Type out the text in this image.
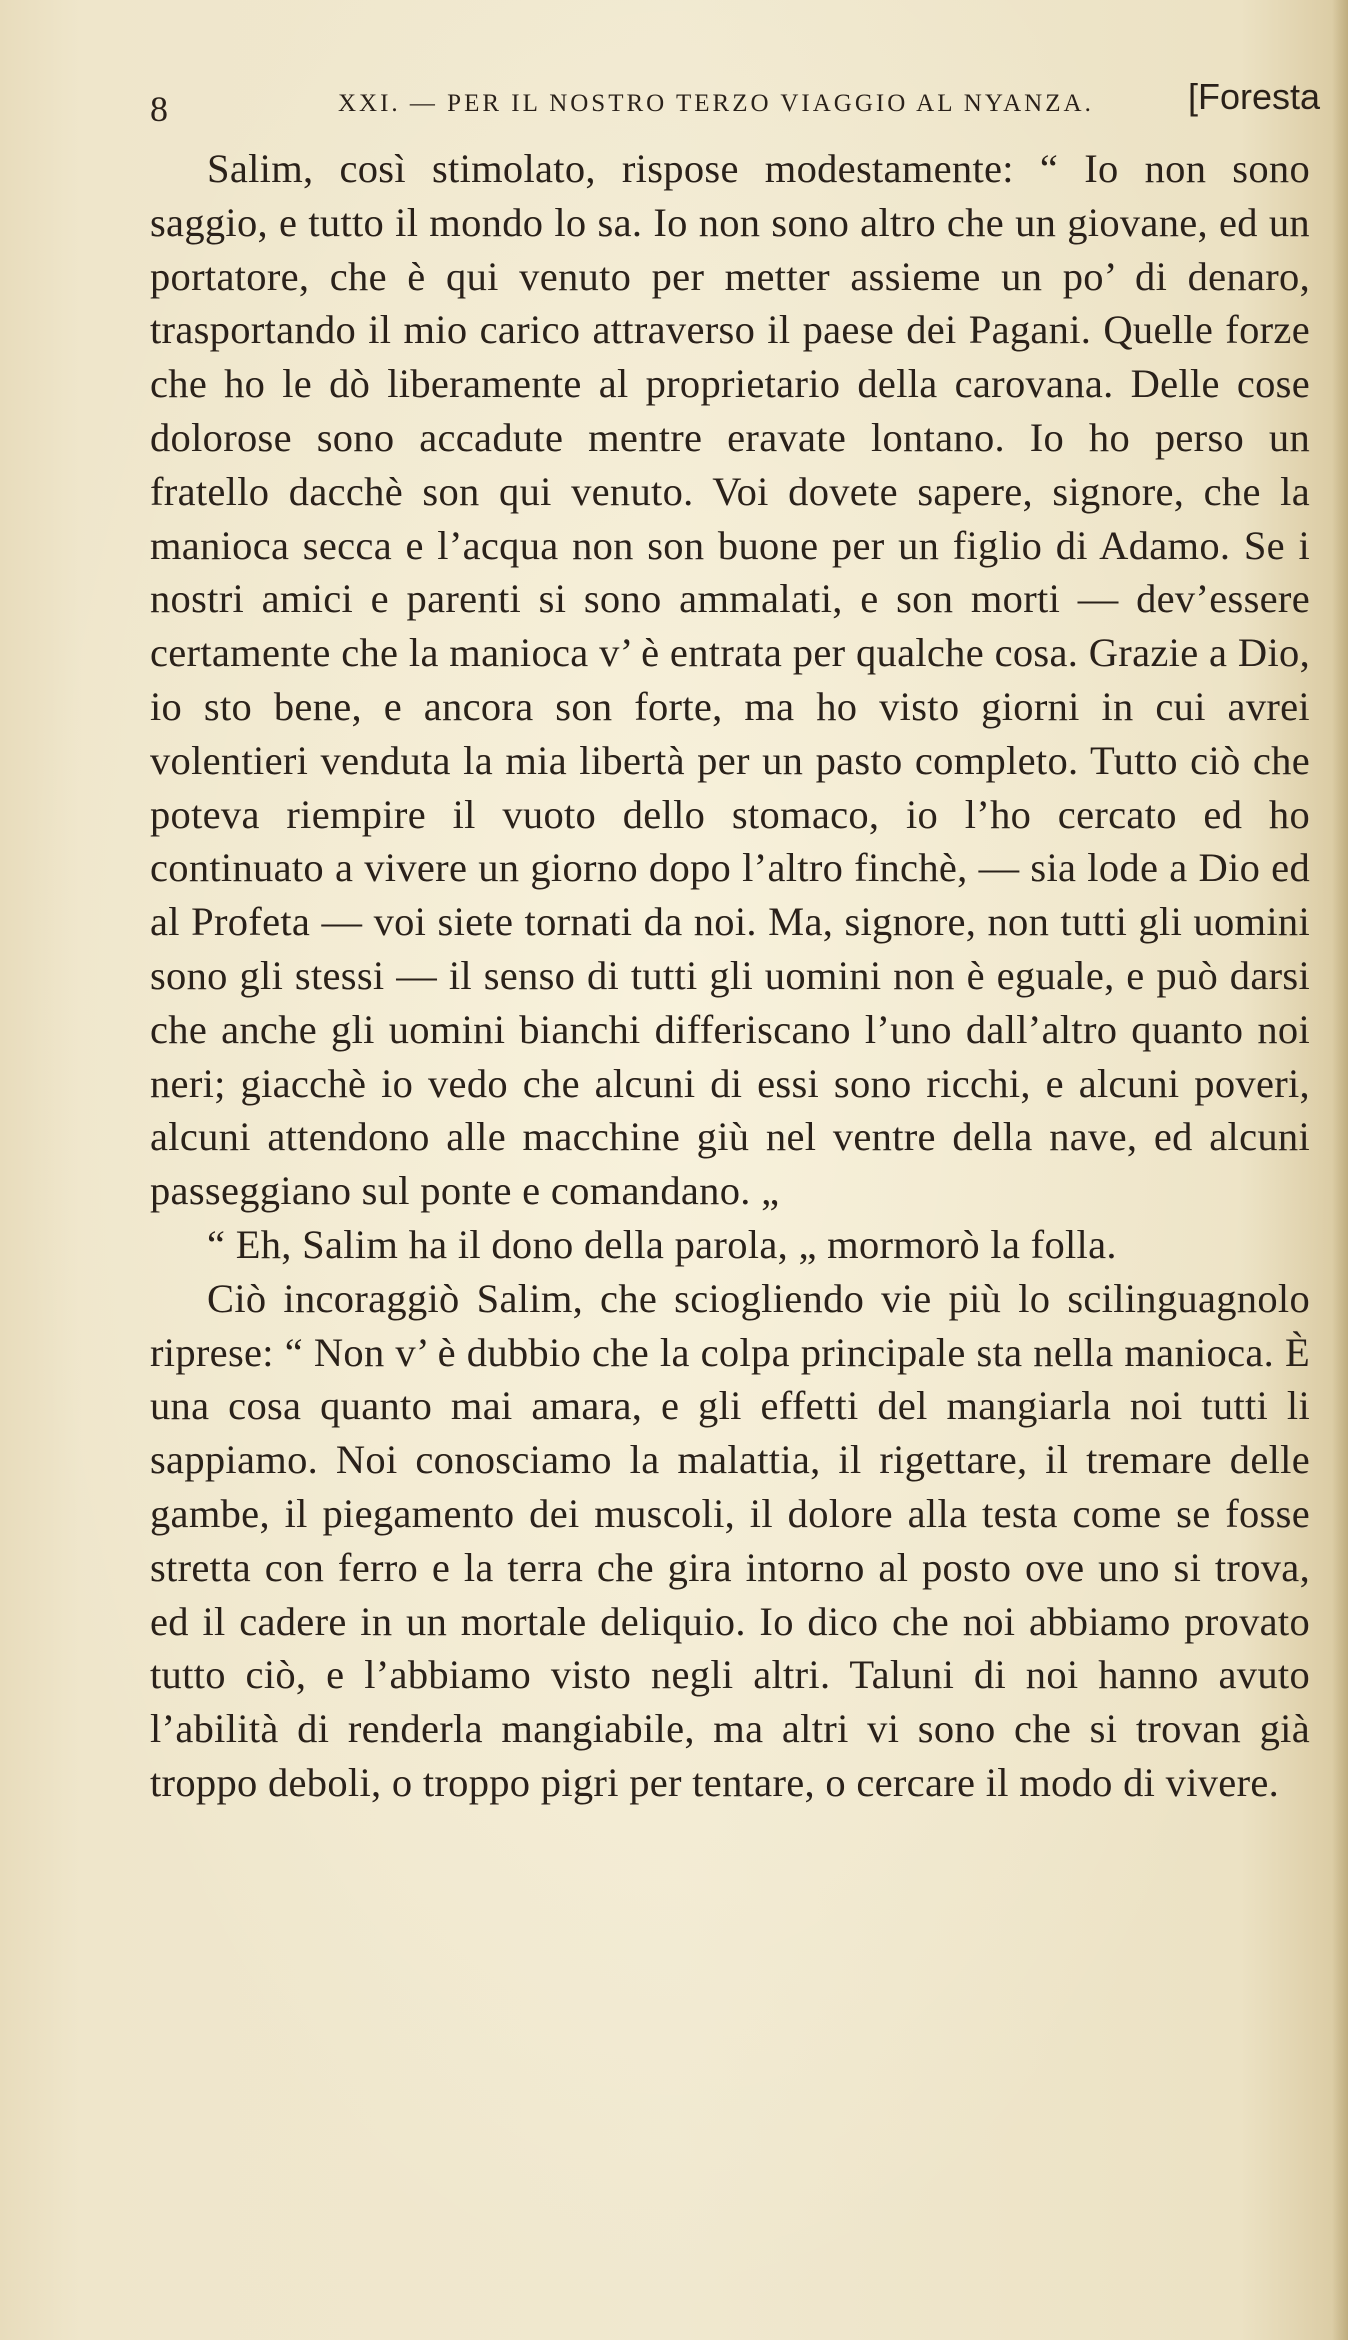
8	XXI. — PER IL NOSTRO TERZO VIAGGIO AL NYANZA.	[Foresta

Salim, così stimolato, rispose modestamente: “ Io non sono saggio, e tutto il mondo lo sa. Io non sono altro che un giovane, ed un portatore, che è qui venuto per metter assieme un po’ di denaro, trasportando il mio carico attraverso il paese dei Pagani. Quelle forze che ho le dò liberamente al proprietario della carovana. Delle cose dolorose sono accadute mentre eravate lontano. Io ho perso un fratello dacchè son qui venuto. Voi dovete sapere, signore, che la manioca secca e l’acqua non son buone per un figlio di Adamo. Se i nostri amici e parenti si sono ammalati, e son morti — dev’essere certamente che la manioca v’ è entrata per qualche cosa. Grazie a Dio, io sto bene, e ancora son forte, ma ho visto giorni in cui avrei volentieri venduta la mia libertà per un pasto completo. Tutto ciò che poteva riempire il vuoto dello stomaco, io l’ho cercato ed ho continuato a vivere un giorno dopo l’altro finchè, — sia lode a Dio ed al Profeta — voi siete tornati da noi. Ma, signore, non tutti gli uomini sono gli stessi — il senso di tutti gli uomini non è eguale, e può darsi che anche gli uomini bianchi differiscano l’uno dall’altro quanto noi neri; giacchè io vedo che alcuni di essi sono ricchi, e alcuni poveri, alcuni attendono alle macchine giù nel ventre della nave, ed alcuni passeggiano sul ponte e comandano. „

“ Eh, Salim ha il dono della parola, „ mormorò la folla.

Ciò incoraggiò Salim, che sciogliendo vie più lo scilinguagnolo riprese: “ Non v’ è dubbio che la colpa principale sta nella manioca. È una cosa quanto mai amara, e gli effetti del mangiarla noi tutti li sappiamo. Noi conosciamo la malattia, il rigettare, il tremare delle gambe, il piegamento dei muscoli, il dolore alla testa come se fosse stretta con ferro e la terra che gira intorno al posto ove uno si trova, ed il cadere in un mortale deliquio. Io dico che noi abbiamo provato tutto ciò, e l’abbiamo visto negli altri. Taluni di noi hanno avuto l’abilità di renderla mangiabile, ma altri vi sono che si trovan già troppo deboli, o troppo pigri per tentare, o cercare il modo di vivere.
